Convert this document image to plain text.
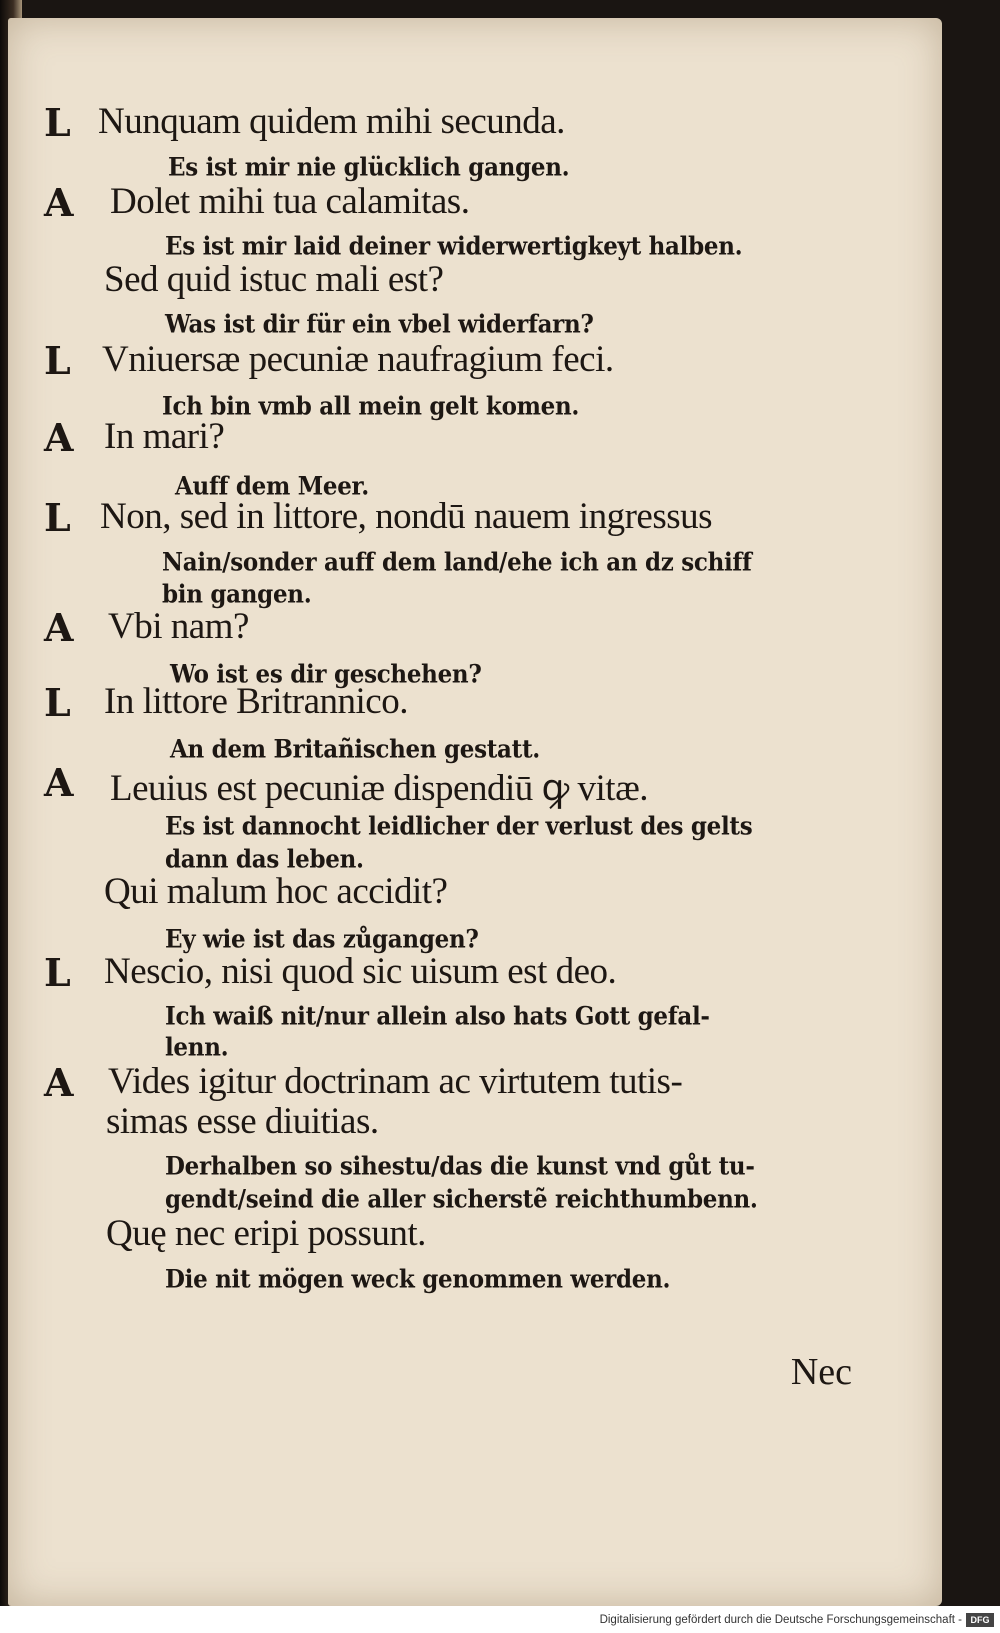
L Nunquam quidem mihi secunda.
Es ist mir nie glücklich gangen.
A Dolet mihi tua calamitas.
Es ist mir laid deiner widerwertigkeyt halben.
Sed quid istuc mali est?
Was ist dir für ein vbel widerfarn?
L Vniuersæ pecuniæ naufragium feci.
Ich bin vmb all mein gelt komen.
A In mari?
Auff dem Meer.
L Non, sed in littore, nondū nauem ingressus
Nain/sonder auff dem land/ehe ich an dz schiff
bin gangen.
A Vbi nam?
Wo ist es dir geschehen?
L In littore Britrannico.
An dem Britañischen gestatt.
A Leuius est pecuniæ dispendiū ꝙ vitæ.
Es ist dannocht leidlicher der verlust des gelts
dann das leben.
Qui malum hoc accidit?
Ey wie ist das zůgangen?
L Nescio, nisi quod sic uisum est deo.
Ich waiß nit/nur allein also hats Gott gefal-
lenn.
A Vides igitur doctrinam ac virtutem tutis-
simas esse diuitias.
Derhalben so sihestu/das die kunst vnd gůt tu-
gendt/seind die aller sicherstẽ reichthumbenn.
Quę nec eripi possunt.
Die nit mögen weck genommen werden.
Nec
Digitalisierung gefördert durch die Deutsche Forschungsgemeinschaft - DFG
